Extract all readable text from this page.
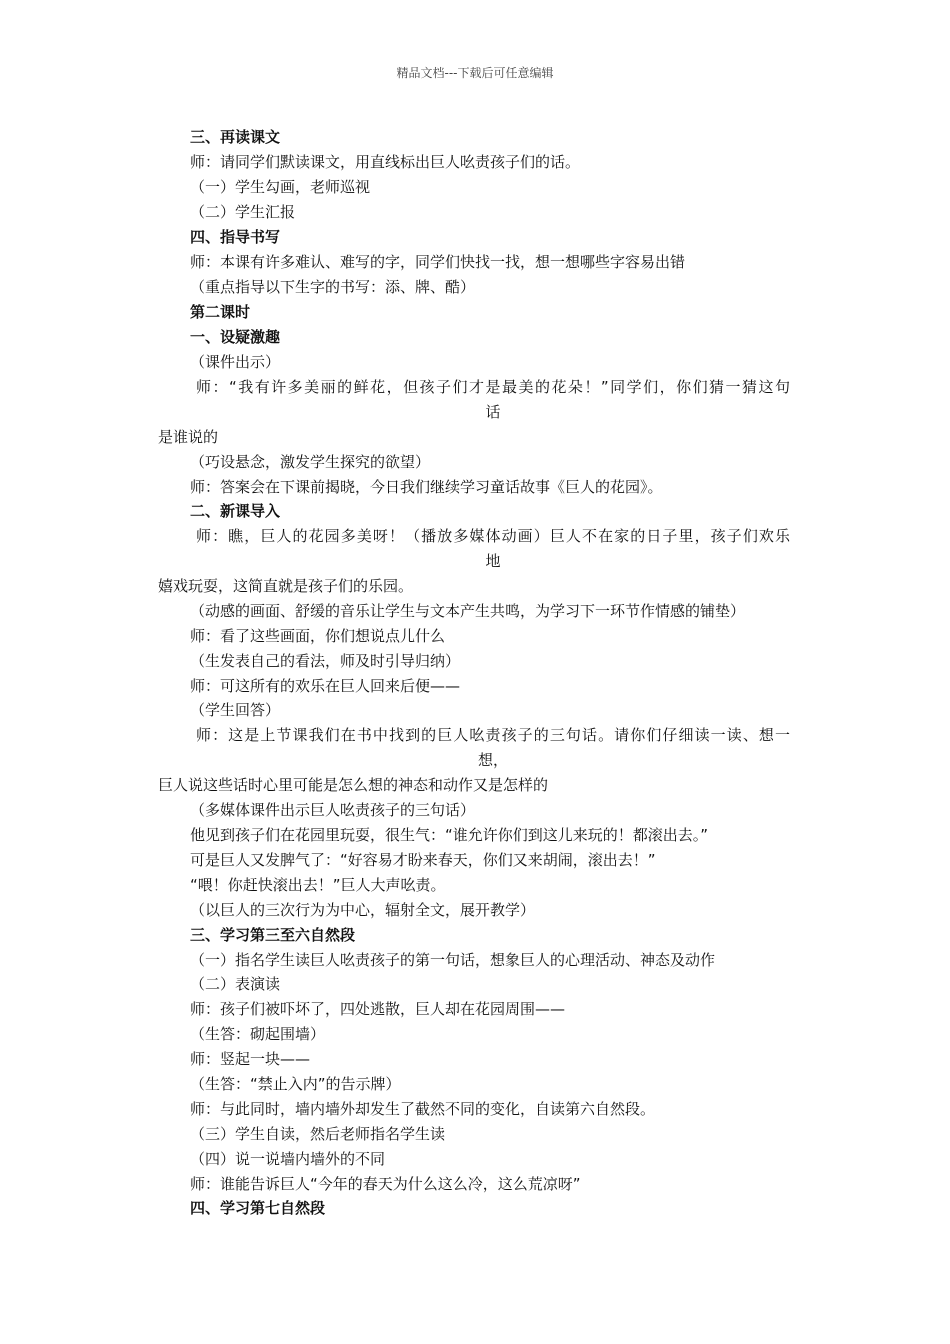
精品文档---下载后可任意编辑
三、再读课文
师：请同学们默读课文，用直线标出巨人吆责孩子们的话。
（一）学生勾画，老师巡视
（二）学生汇报
四、指导书写
师：本课有许多难认、难写的字，同学们快找一找，想一想哪些字容易出错
（重点指导以下生字的书写：添、牌、酷）
第二课时
一、设疑激趣
（课件出示）
师：“我有许多美丽的鲜花，但孩子们才是最美的花朵！”同学们，你们猜一猜这句
话
是谁说的
（巧设悬念，激发学生探究的欲望）
师：答案会在下课前揭晓，今日我们继续学习童话故事《巨人的花园》。
二、新课导入
师：瞧，巨人的花园多美呀！（播放多媒体动画）巨人不在家的日子里，孩子们欢乐
地
嬉戏玩耍，这简直就是孩子们的乐园。
（动感的画面、舒缓的音乐让学生与文本产生共鸣，为学习下一环节作情感的铺垫）
师：看了这些画面，你们想说点儿什么
（生发表自己的看法，师及时引导归纳）
师：可这所有的欢乐在巨人回来后便——
（学生回答）
师：这是上节课我们在书中找到的巨人吆责孩子的三句话。请你们仔细读一读、想一
想，
巨人说这些话时心里可能是怎么想的神态和动作又是怎样的
（多媒体课件出示巨人吆责孩子的三句话）
他见到孩子们在花园里玩耍，很生气：“谁允许你们到这儿来玩的！都滚出去。”
可是巨人又发脾气了：“好容易才盼来春天，你们又来胡闹，滚出去！”
“喂！你赶快滚出去！”巨人大声吆责。
（以巨人的三次行为为中心，辐射全文，展开教学）
三、学习第三至六自然段
（一）指名学生读巨人吆责孩子的第一句话，想象巨人的心理活动、神态及动作
（二）表演读
师：孩子们被吓坏了，四处逃散，巨人却在花园周围——
（生答：砌起围墙）
师：竖起一块——
（生答：“禁止入内”的告示牌）
师：与此同时，墙内墙外却发生了截然不同的变化，自读第六自然段。
（三）学生自读，然后老师指名学生读
（四）说一说墙内墙外的不同
师：谁能告诉巨人“今年的春天为什么这么冷，这么荒凉呀”
四、学习第七自然段
